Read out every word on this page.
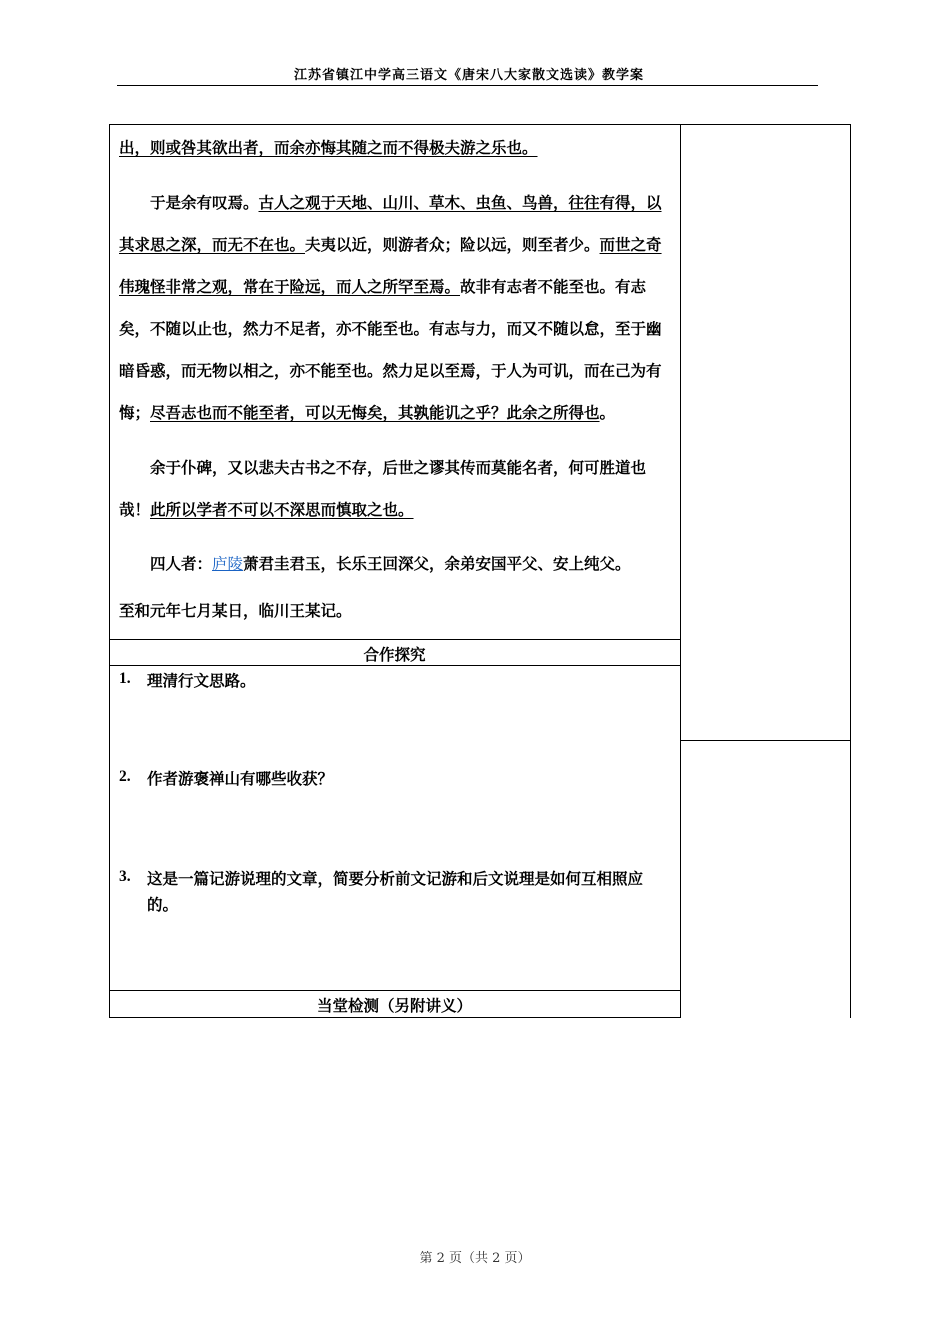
江苏省镇江中学高三语文《唐宋八大家散文选读》教学案
出，则或咎其欲出者，而余亦悔其随之而不得极夫游之乐也。
于是余有叹焉。古人之观于天地、山川、草木、虫鱼、鸟兽，往往有得，以
其求思之深，而无不在也。夫夷以近，则游者众；险以远，则至者少。而世之奇
伟瑰怪非常之观，常在于险远，而人之所罕至焉。故非有志者不能至也。有志
矣，不随以止也，然力不足者，亦不能至也。有志与力，而又不随以怠，至于幽
暗昏惑，而无物以相之，亦不能至也。然力足以至焉，于人为可讥，而在己为有
悔；尽吾志也而不能至者，可以无悔矣，其孰能讥之乎？此余之所得也。
余于仆碑，又以悲夫古书之不存，后世之谬其传而莫能名者，何可胜道也
哉！此所以学者不可以不深思而慎取之也。
四人者：庐陵萧君圭君玉，长乐王回深父，余弟安国平父、安上纯父。
至和元年七月某日，临川王某记。
合作探究
1. 理清行文思路。
2. 作者游褒禅山有哪些收获？
3. 这是一篇记游说理的文章，简要分析前文记游和后文说理是如何互相照应的。
当堂检测（另附讲义）
第 2 页（共 2 页）
